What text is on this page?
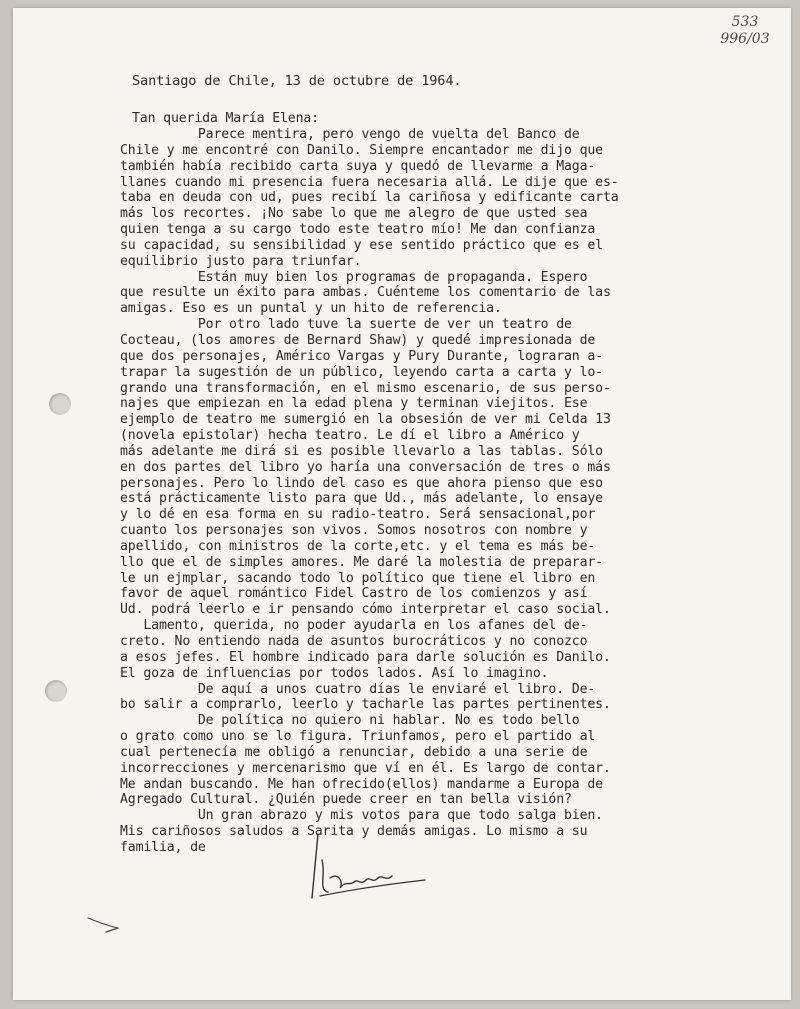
533
996/03
Santiago de Chile, 13 de octubre de 1964.
Tan querida María Elena:
Parece mentira, pero vengo de vuelta del Banco de
Chile y me encontré con Danilo. Siempre encantador me dijo que
también había recibido carta suya y quedó de llevarme a Maga-
llanes cuando mi presencia fuera necesaria allá. Le dije que es-
taba en deuda con ud, pues recibí la cariñosa y edificante carta
más los recortes. ¡No sabe lo que me alegro de que usted sea
quien tenga a su cargo todo este teatro mío! Me dan confianza
su capacidad, su sensibilidad y ese sentido práctico que es el
equilibrio justo para triunfar.
Están muy bien los programas de propaganda. Espero
que resulte un éxito para ambas. Cuénteme los comentario de las
amigas. Eso es un puntal y un hito de referencia.
Por otro lado tuve la suerte de ver un teatro de
Cocteau, (los amores de Bernard Shaw) y quedé impresionada de
que dos personajes, Américo Vargas y Pury Durante, lograran a-
trapar la sugestión de un público, leyendo carta a carta y lo-
grando una transformación, en el mismo escenario, de sus perso-
najes que empiezan en la edad plena y terminan viejitos. Ese
ejemplo de teatro me sumergió en la obsesión de ver mi Celda 13
(novela epistolar) hecha teatro. Le dí el libro a Américo y
más adelante me dirá si es posible llevarlo a las tablas. Sólo
en dos partes del libro yo haría una conversación de tres o más
personajes. Pero lo lindo del caso es que ahora pienso que eso
está prácticamente listo para que Ud., más adelante, lo ensaye
y lo dé en esa forma en su radio-teatro. Será sensacional,por
cuanto los personajes son vivos. Somos nosotros con nombre y
apellido, con ministros de la corte,etc. y el tema es más be-
llo que el de simples amores. Me daré la molestia de preparar-
le un ejmplar, sacando todo lo político que tiene el libro en
favor de aquel romántico Fidel Castro de los comienzos y así
Ud. podrá leerlo e ir pensando cómo interpretar el caso social.
Lamento, querida, no poder ayudarla en los afanes del de-
creto. No entiendo nada de asuntos burocráticos y no conozco
a esos jefes. El hombre indicado para darle solución es Danilo.
El goza de influencias por todos lados. Así lo imagino.
De aquí a unos cuatro días le enviaré el libro. De-
bo salir a comprarlo, leerlo y tacharle las partes pertinentes.
De política no quiero ni hablar. No es todo bello
o grato como uno se lo figura. Triunfamos, pero el partido al
cual pertenecía me obligó a renunciar, debido a una serie de
incorrecciones y mercenarismo que ví en él. Es largo de contar.
Me andan buscando. Me han ofrecido(ellos) mandarme a Europa de
Agregado Cultural. ¿Quién puede creer en tan bella visión?
Un gran abrazo y mis votos para que todo salga bien.
Mis cariñosos saludos a Sarita y demás amigas. Lo mismo a su
familia, de
